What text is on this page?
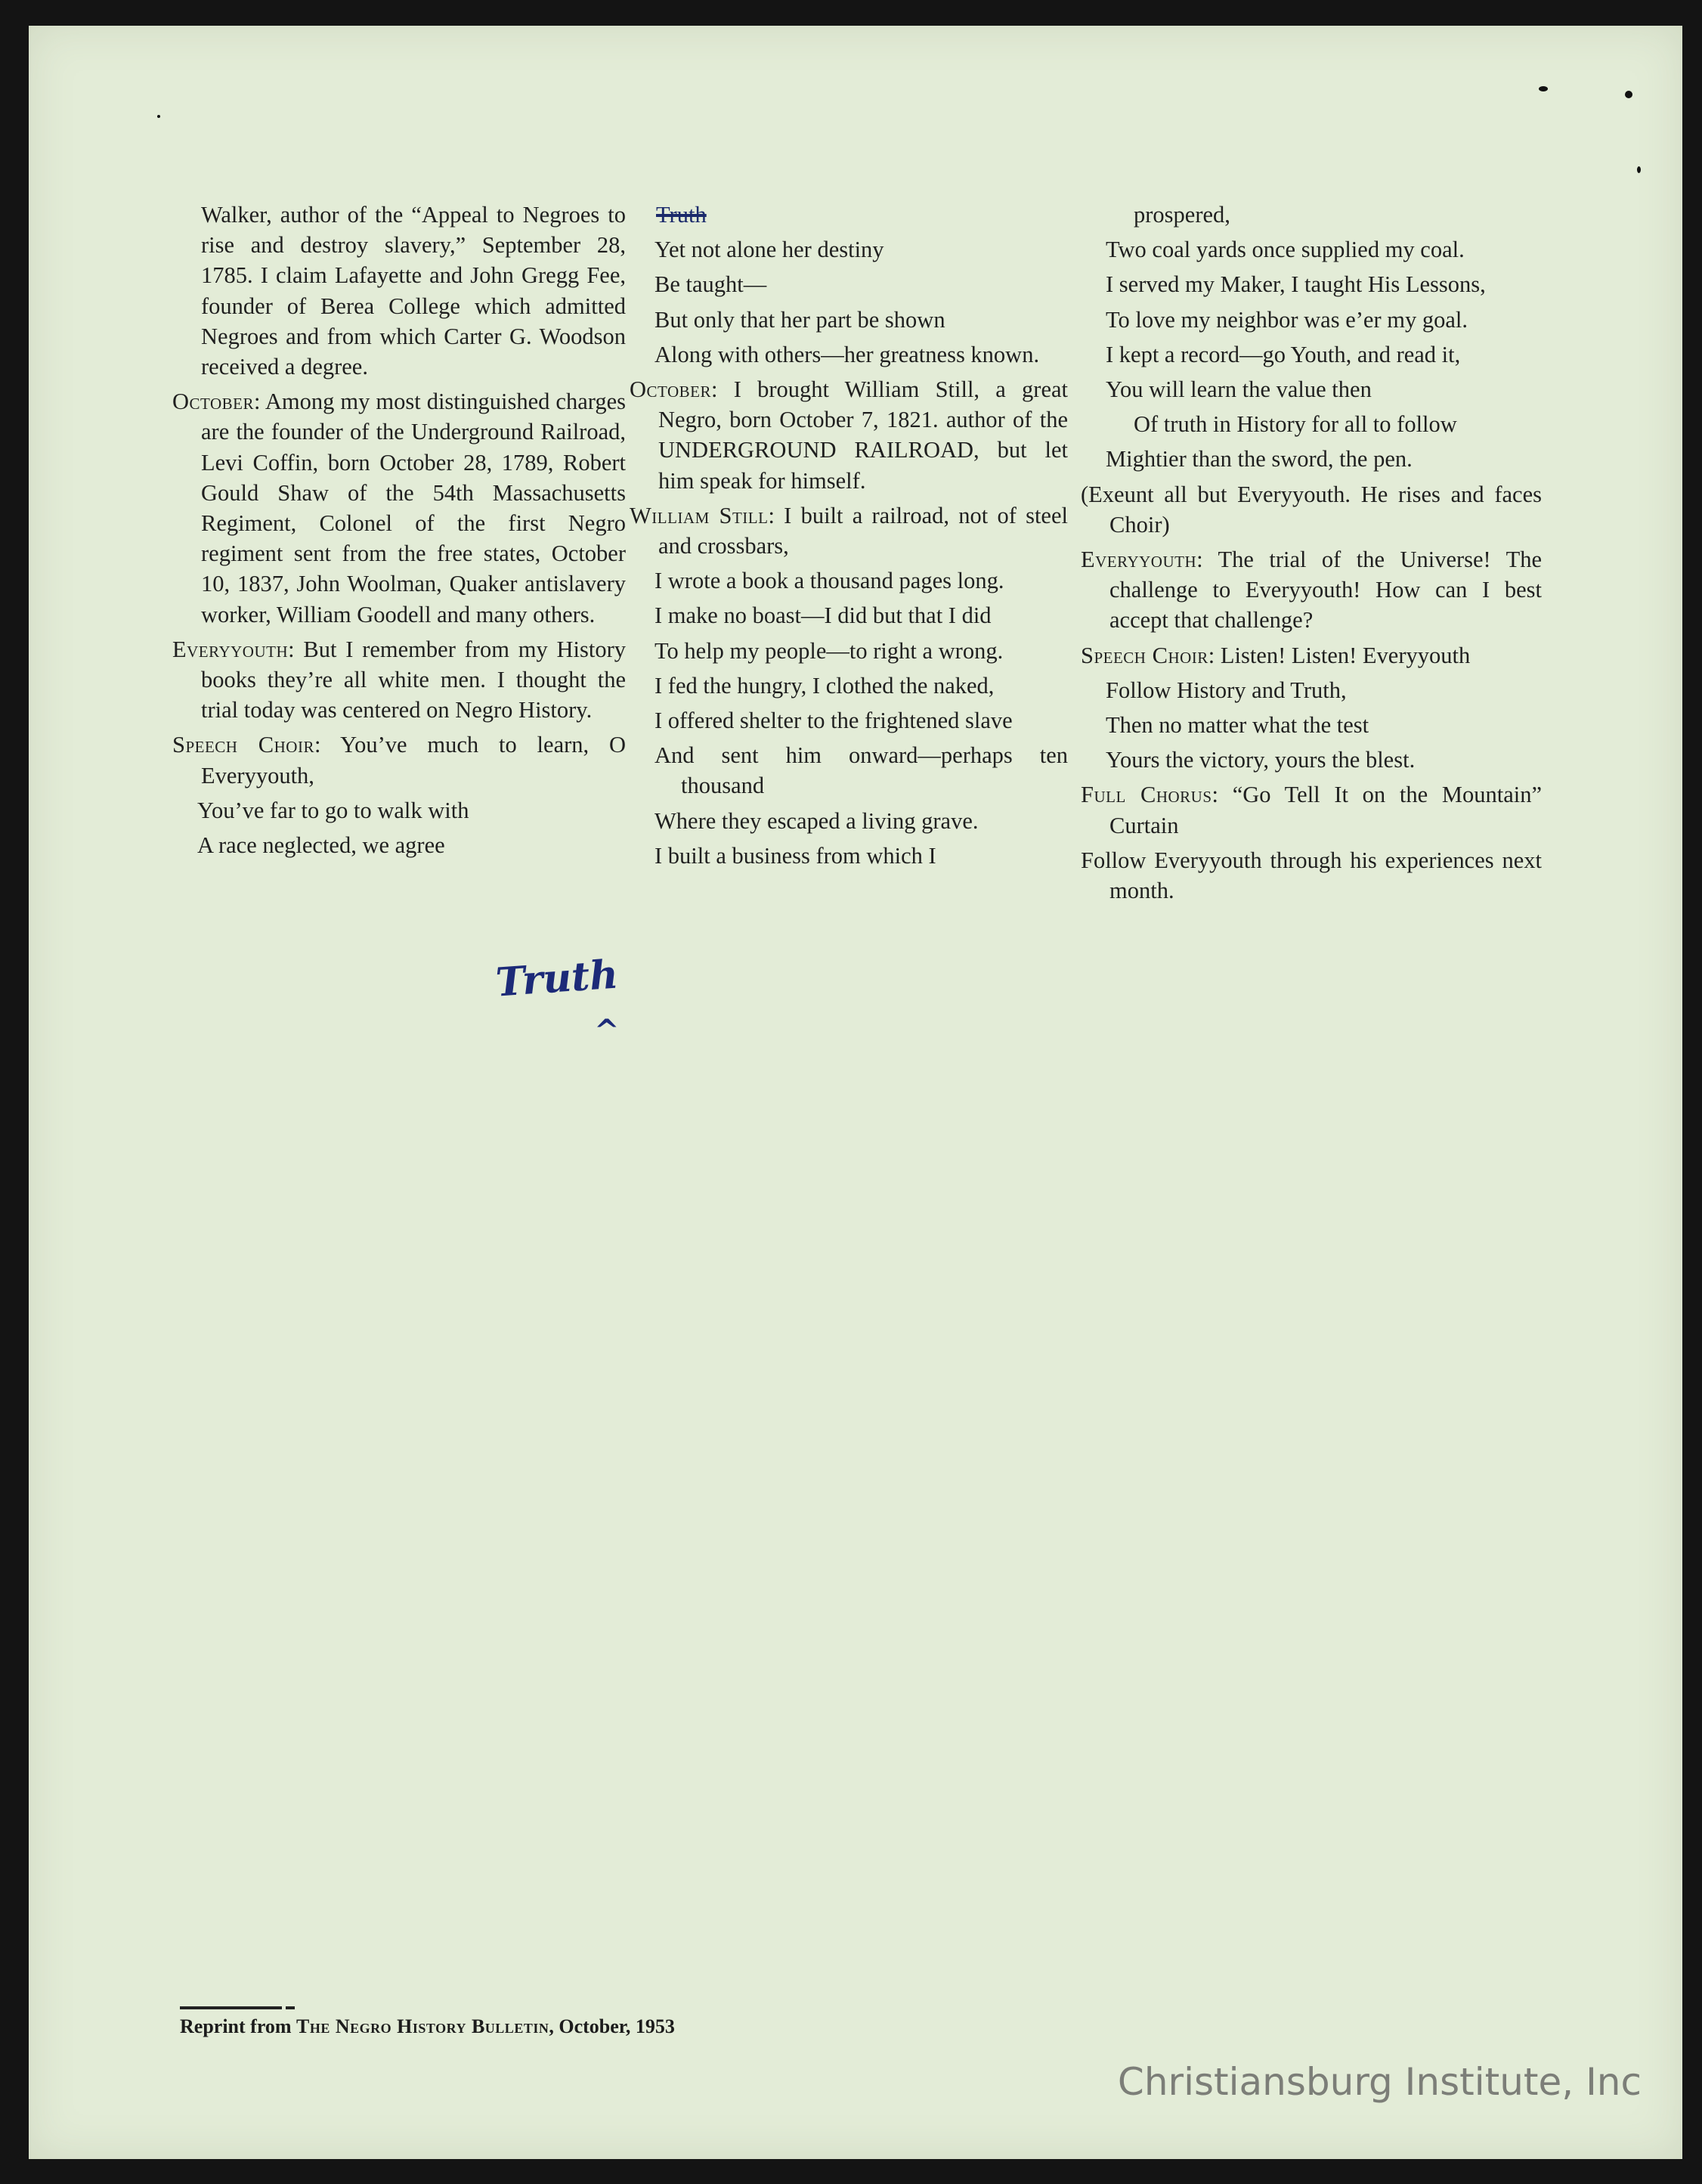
Walker, author of the “Appeal to Negroes to rise and destroy slavery,” September 28, 1785. I claim Lafayette and John Gregg Fee, founder of Berea College which admitted Negroes and from which Carter G. Woodson received a degree.
October: Among my most distinguished charges are the founder of the Underground Railroad, Levi Coffin, born October 28, 1789, Robert Gould Shaw of the 54th Massachusetts Regiment, Colonel of the first Negro regiment sent from the free states, October 10, 1837, John Woolman, Quaker antislavery worker, William Goodell and many others.
Everyyouth: But I remember from my History books they’re all white men. I thought the trial today was centered on Negro History.
Speech Choir: You’ve much to learn, O Everyyouth,
You’ve far to go to walk with
A race neglected, we agree
Truth
Yet not alone her destiny
Be taught—
But only that her part be shown
Along with others—her greatness known.
October: I brought William Still, a great Negro, born October 7, 1821. author of the UNDERGROUND RAILROAD, but let him speak for himself.
William Still: I built a railroad, not of steel and crossbars,
I wrote a book a thousand pages long.
I make no boast—I did but that I did
To help my people—to right a wrong.
I fed the hungry, I clothed the naked,
I offered shelter to the frightened slave
And sent him onward—perhaps ten thousand
Where they escaped a living grave.
I built a business from which I
prospered,
Two coal yards once supplied my coal.
I served my Maker, I taught His Lessons,
To love my neighbor was e’er my goal.
I kept a record—go Youth, and read it,
You will learn the value then
Of truth in History for all to follow
Mightier than the sword, the pen.
(Exeunt all but Everyyouth. He rises and faces Choir)
Everyyouth: The trial of the Universe! The challenge to Everyyouth! How can I best accept that challenge?
Speech Choir: Listen! Listen! Everyyouth
Follow History and Truth,
Then no matter what the test
Yours the victory, yours the blest.
Full Chorus: “Go Tell It on the Mountain” Curtain
Follow Everyyouth through his experiences next month.
Truth
^
Reprint from The Negro History Bulletin, October, 1953
Christiansburg Institute, Inc
